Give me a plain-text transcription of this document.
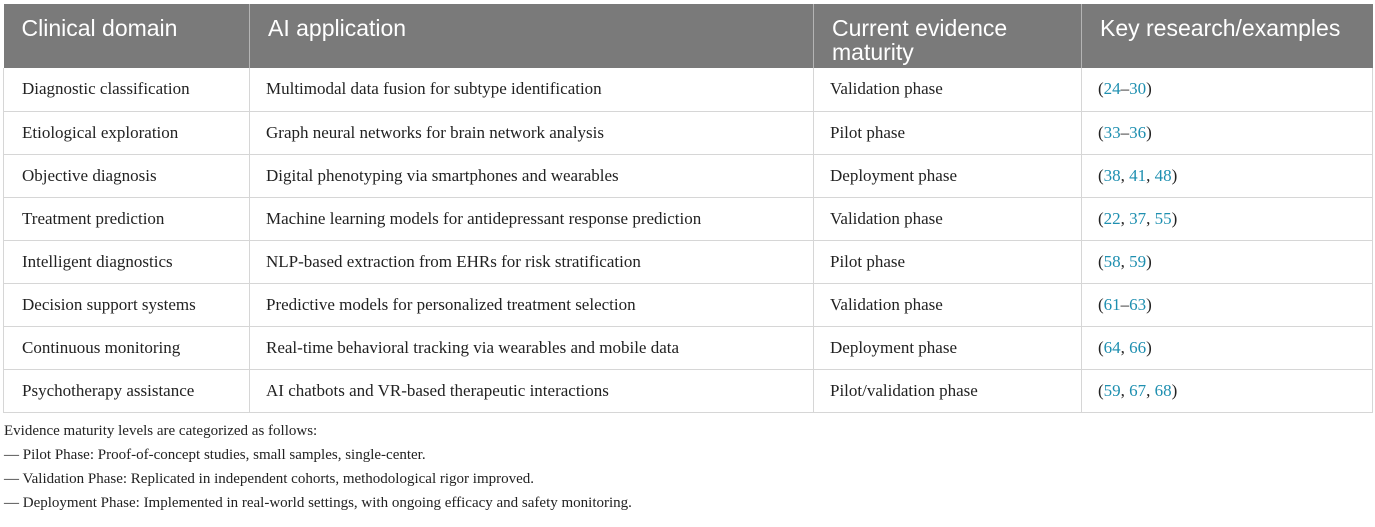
Clinical domain	AI application	Current evidence maturity	Key research/examples
Diagnostic classification	Multimodal data fusion for subtype identification	Validation phase	(24–30)
Etiological exploration	Graph neural networks for brain network analysis	Pilot phase	(33–36)
Objective diagnosis	Digital phenotyping via smartphones and wearables	Deployment phase	(38, 41, 48)
Treatment prediction	Machine learning models for antidepressant response prediction	Validation phase	(22, 37, 55)
Intelligent diagnostics	NLP-based extraction from EHRs for risk stratification	Pilot phase	(58, 59)
Decision support systems	Predictive models for personalized treatment selection	Validation phase	(61–63)
Continuous monitoring	Real-time behavioral tracking via wearables and mobile data	Deployment phase	(64, 66)
Psychotherapy assistance	AI chatbots and VR-based therapeutic interactions	Pilot/validation phase	(59, 67, 68)
Evidence maturity levels are categorized as follows:
— Pilot Phase: Proof-of-concept studies, small samples, single-center.
— Validation Phase: Replicated in independent cohorts, methodological rigor improved.
— Deployment Phase: Implemented in real-world settings, with ongoing efficacy and safety monitoring.
